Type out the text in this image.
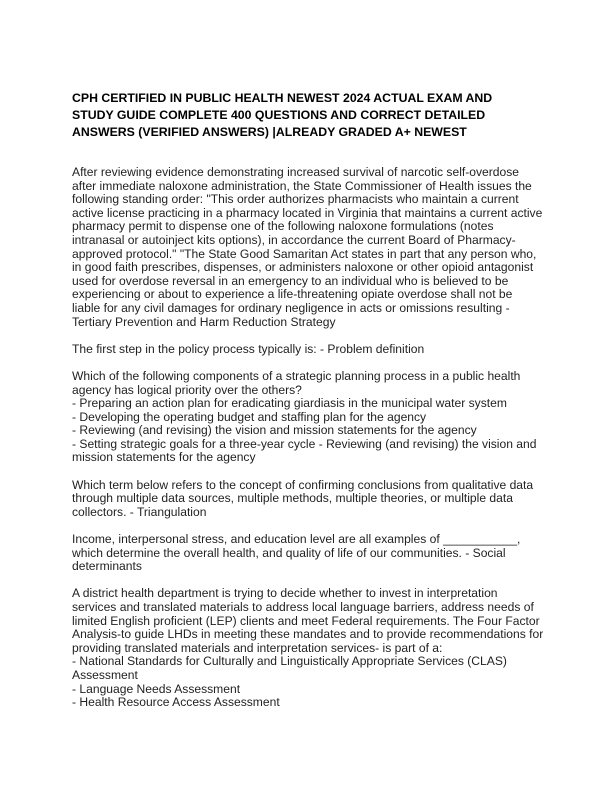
CPH CERTIFIED IN PUBLIC HEALTH NEWEST 2024 ACTUAL EXAM AND
STUDY GUIDE COMPLETE 400 QUESTIONS AND CORRECT DETAILED
ANSWERS (VERIFIED ANSWERS) |ALREADY GRADED A+ NEWEST
After reviewing evidence demonstrating increased survival of narcotic self-overdose
after immediate naloxone administration, the State Commissioner of Health issues the
following standing order: "This order authorizes pharmacists who maintain a current
active license practicing in a pharmacy located in Virginia that maintains a current active
pharmacy permit to dispense one of the following naloxone formulations (notes
intranasal or autoinject kits options), in accordance the current Board of Pharmacy-
approved protocol." "The State Good Samaritan Act states in part that any person who,
in good faith prescribes, dispenses, or administers naloxone or other opioid antagonist
used for overdose reversal in an emergency to an individual who is believed to be
experiencing or about to experience a life-threatening opiate overdose shall not be
liable for any civil damages for ordinary negligence in acts or omissions resulting -
Tertiary Prevention and Harm Reduction Strategy
The first step in the policy process typically is: - Problem definition
Which of the following components of a strategic planning process in a public health
agency has logical priority over the others?
- Preparing an action plan for eradicating giardiasis in the municipal water system
- Developing the operating budget and staffing plan for the agency
- Reviewing (and revising) the vision and mission statements for the agency
- Setting strategic goals for a three-year cycle - Reviewing (and revising) the vision and
mission statements for the agency
Which term below refers to the concept of confirming conclusions from qualitative data
through multiple data sources, multiple methods, multiple theories, or multiple data
collectors. - Triangulation
Income, interpersonal stress, and education level are all examples of ___________,
which determine the overall health, and quality of life of our communities. - Social
determinants
A district health department is trying to decide whether to invest in interpretation
services and translated materials to address local language barriers, address needs of
limited English proficient (LEP) clients and meet Federal requirements. The Four Factor
Analysis-to guide LHDs in meeting these mandates and to provide recommendations for
providing translated materials and interpretation services- is part of a:
- National Standards for Culturally and Linguistically Appropriate Services (CLAS)
Assessment
- Language Needs Assessment
- Health Resource Access Assessment
